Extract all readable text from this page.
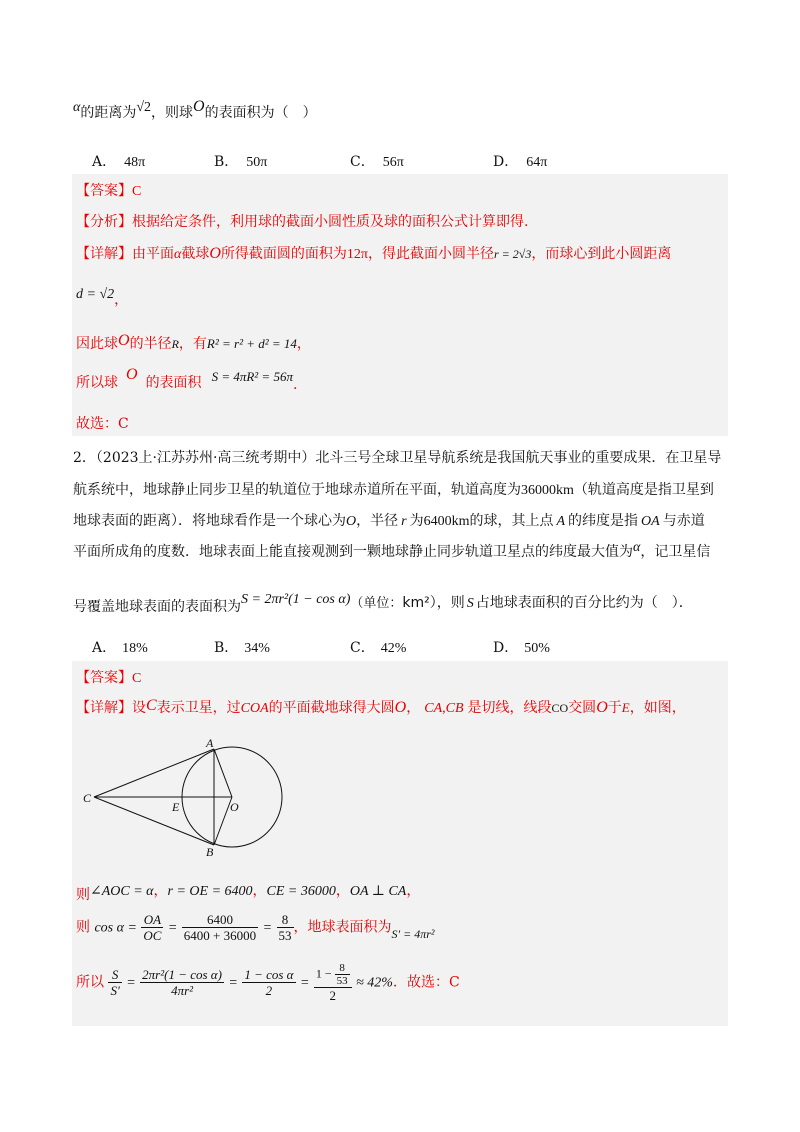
α的距离为√2，则球O的表面积为（　）
A． 48π	B． 50π	C． 56π	D． 64π
【答案】C
【分析】根据给定条件，利用球的截面小圆性质及球的面积公式计算即得.
【详解】由平面α截球O所得截面圆的面积为12π，得此截面小圆半径r = 2√3，而球心到此小圆距离
d = √2，
因此球O的半径R，有R² = r² + d² = 14，
所以球 O 的表面积 S = 4πR² = 56π.
故选：C
2．（2023上·江苏苏州·高三统考期中）北斗三号全球卫星导航系统是我国航天事业的重要成果．在卫星导
航系统中，地球静止同步卫星的轨道位于地球赤道所在平面，轨道高度为36000km（轨道高度是指卫星到
地球表面的距离）．将地球看作是一个球心为O，半径 r 为6400km的球，其上点 A 的纬度是指 OA 与赤道
平面所成角的度数．地球表面上能直接观测到一颗地球静止同步轨道卫星点的纬度最大值为α，记卫星信
号覆盖地球表面的表面积为S = 2πr²(1 − cos α)（单位：km²），则 S 占地球表面积的百分比约为（　）．
A． 18%	B． 34%	C． 42%	D． 50%
【答案】C
【详解】设C表示卫星，过COA的平面截地球得大圆O， CA,CB 是切线，线段CO交圆O于E，如图，
A
B
C
E	O
则∠AOC = α，r = OE = 6400，CE = 36000，OA ⊥ CA，
则 $\cos \alpha = \frac{OA}{OC} = \frac{6400}{6400 + 36000} = \frac{8}{53}$ ，地球表面积为S′ = 4πr²
所以 $\frac{S}{S'} = \frac{\text{2πr²(1 − cos α)}}{\text{4πr²}} = \frac{\text{1 − cos α}}{2} = \frac{1 - \frac{8}{53}}{2} \approx 42\%$．故选：C
